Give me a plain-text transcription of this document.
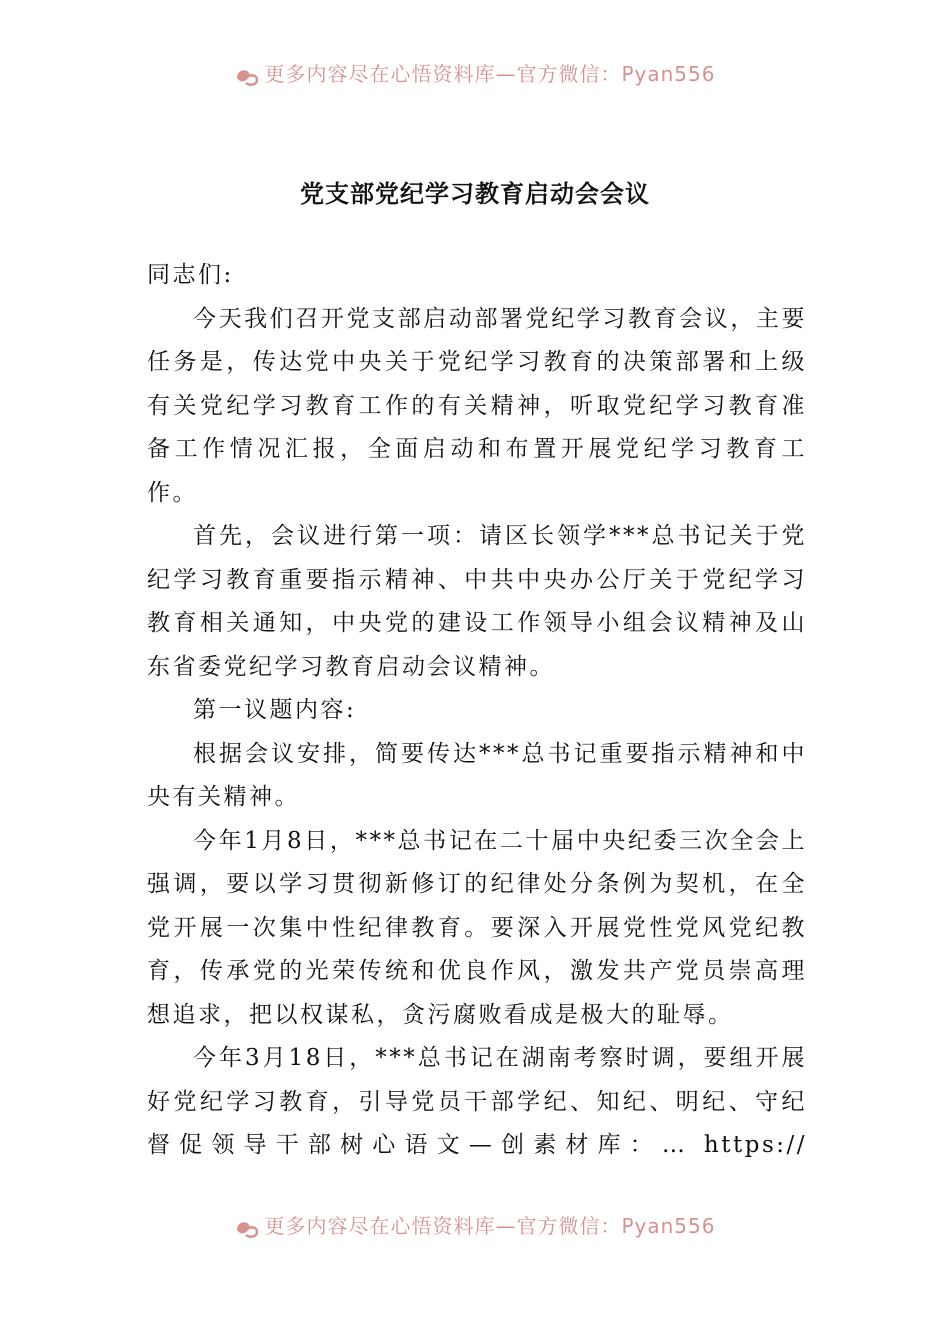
更多内容尽在心悟资料库—官方微信：Pyan556
党支部党纪学习教育启动会会议

同志们:

今天我们召开党支部启动部署党纪学习教育会议，主要任务是，传达党中央关于党纪学习教育的决策部署和上级有关党纪学习教育工作的有关精神，听取党纪学习教育准备工作情况汇报，全面启动和布置开展党纪学习教育工作。

首先，会议进行第一项：请区长领学***总书记关于党纪学习教育重要指示精神、中共中央办公厅关于党纪学习教育相关通知，中央党的建设工作领导小组会议精神及山东省委党纪学习教育启动会议精神。

第一议题内容:

根据会议安排，简要传达***总书记重要指示精神和中央有关精神。

今年1月8日，***总书记在二十届中央纪委三次全会上强调，要以学习贯彻新修订的纪律处分条例为契机，在全党开展一次集中性纪律教育。要深入开展党性党风党纪教育，传承党的光荣传统和优良作风，激发共产党员崇高理想追求，把以权谋私，贪污腐败看成是极大的耻辱。

今年3月18日，***总书记在湖南考察时调，要组开展好党纪学习教育，引导党员干部学纪、知纪、明纪、守纪督促领导干部树心语文—创素材库：… https://

更多内容尽在心悟资料库—官方微信：Pyan556
